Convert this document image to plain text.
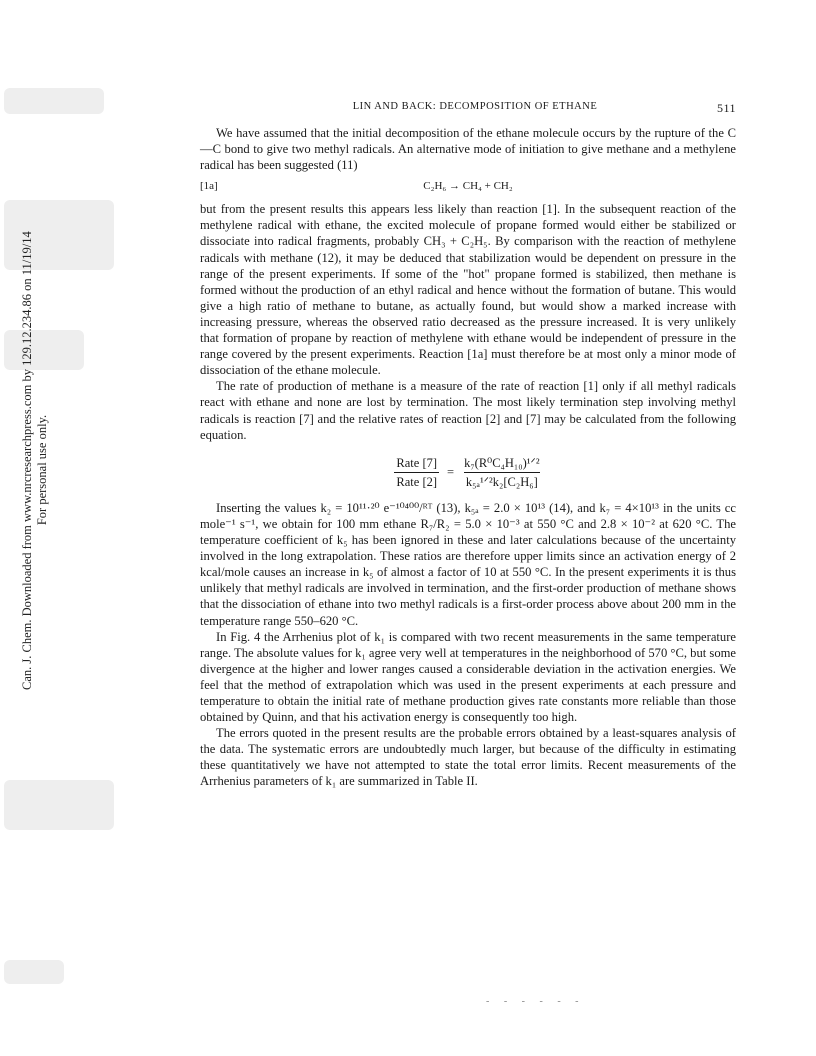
Can. J. Chem. Downloaded from www.nrcresearchpress.com by 129.12.234.86 on 11/19/14 For personal use only.
LIN AND BACK: DECOMPOSITION OF ETHANE	511

We have assumed that the initial decomposition of the ethane molecule occurs by the rupture of the C—C bond to give two methyl radicals. An alternative mode of initiation to give methane and a methylene radical has been suggested (11)

[1a]	C₂H₆ → CH₄ + CH₂

but from the present results this appears less likely than reaction [1]. In the subsequent reaction of the methylene radical with ethane, the excited molecule of propane formed would either be stabilized or dissociate into radical fragments, probably CH₃ + C₂H₅. By comparison with the reaction of methylene radicals with methane (12), it may be deduced that stabilization would be dependent on pressure in the range of the present experiments. If some of the "hot" propane formed is stabilized, then methane is formed without the production of an ethyl radical and hence without the formation of butane. This would give a high ratio of methane to butane, as actually found, but would show a marked increase with increasing pressure, whereas the observed ratio decreased as the pressure increased. It is very unlikely that formation of propane by reaction of methylene with ethane would be independent of pressure in the range covered by the present experiments. Reaction [1a] must therefore be at most only a minor mode of dissociation of the ethane molecule.

The rate of production of methane is a measure of the rate of reaction [1] only if all methyl radicals react with ethane and none are lost by termination. The most likely termination step involving methyl radicals is reaction [7] and the relative rates of reaction [2] and [7] may be calculated from the following equation.

$\frac{\text{Rate [7]}}{\text{Rate [2]}} = \frac{\text{k₇(R⁰C₄H₁₀)¹ᐟ²}}{\text{k₅ₐ¹ᐟ²k₂[C₂H₆]}}$

Inserting the values k₂ = 10¹¹·²⁰ e⁻¹⁰⁴⁰⁰/ᴿᵀ (13), k₅ₐ = 2.0 × 10¹³ (14), and k₇ = 4×10¹³ in the units cc mole⁻¹ s⁻¹, we obtain for 100 mm ethane R₇/R₂ = 5.0 × 10⁻³ at 550 °C and 2.8 × 10⁻² at 620 °C. The temperature coefficient of k₅ has been ignored in these and later calculations because of the uncertainty involved in the long extrapolation. These ratios are therefore upper limits since an activation energy of 2 kcal/mole causes an increase in k₅ of almost a factor of 10 at 550 °C. In the present experiments it is thus unlikely that methyl radicals are involved in termination, and the first-order production of methane shows that the dissociation of ethane into two methyl radicals is a first-order process above about 200 mm in the temperature range 550–620 °C.

In Fig. 4 the Arrhenius plot of k₁ is compared with two recent measurements in the same temperature range. The absolute values for k₁ agree very well at temperatures in the neighborhood of 570 °C, but some divergence at the higher and lower ranges caused a considerable deviation in the activation energies. We feel that the method of extrapolation which was used in the present experiments at each pressure and temperature to obtain the initial rate of methane production gives rate constants more reliable than those obtained by Quinn, and that his activation energy is consequently too high.

The errors quoted in the present results are the probable errors obtained by a least-squares analysis of the data. The systematic errors are undoubtedly much larger, but because of the difficulty in estimating these quantitatively we have not attempted to state the total error limits. Recent measurements of the Arrhenius parameters of k₁ are summarized in Table II.

- - - - - -
